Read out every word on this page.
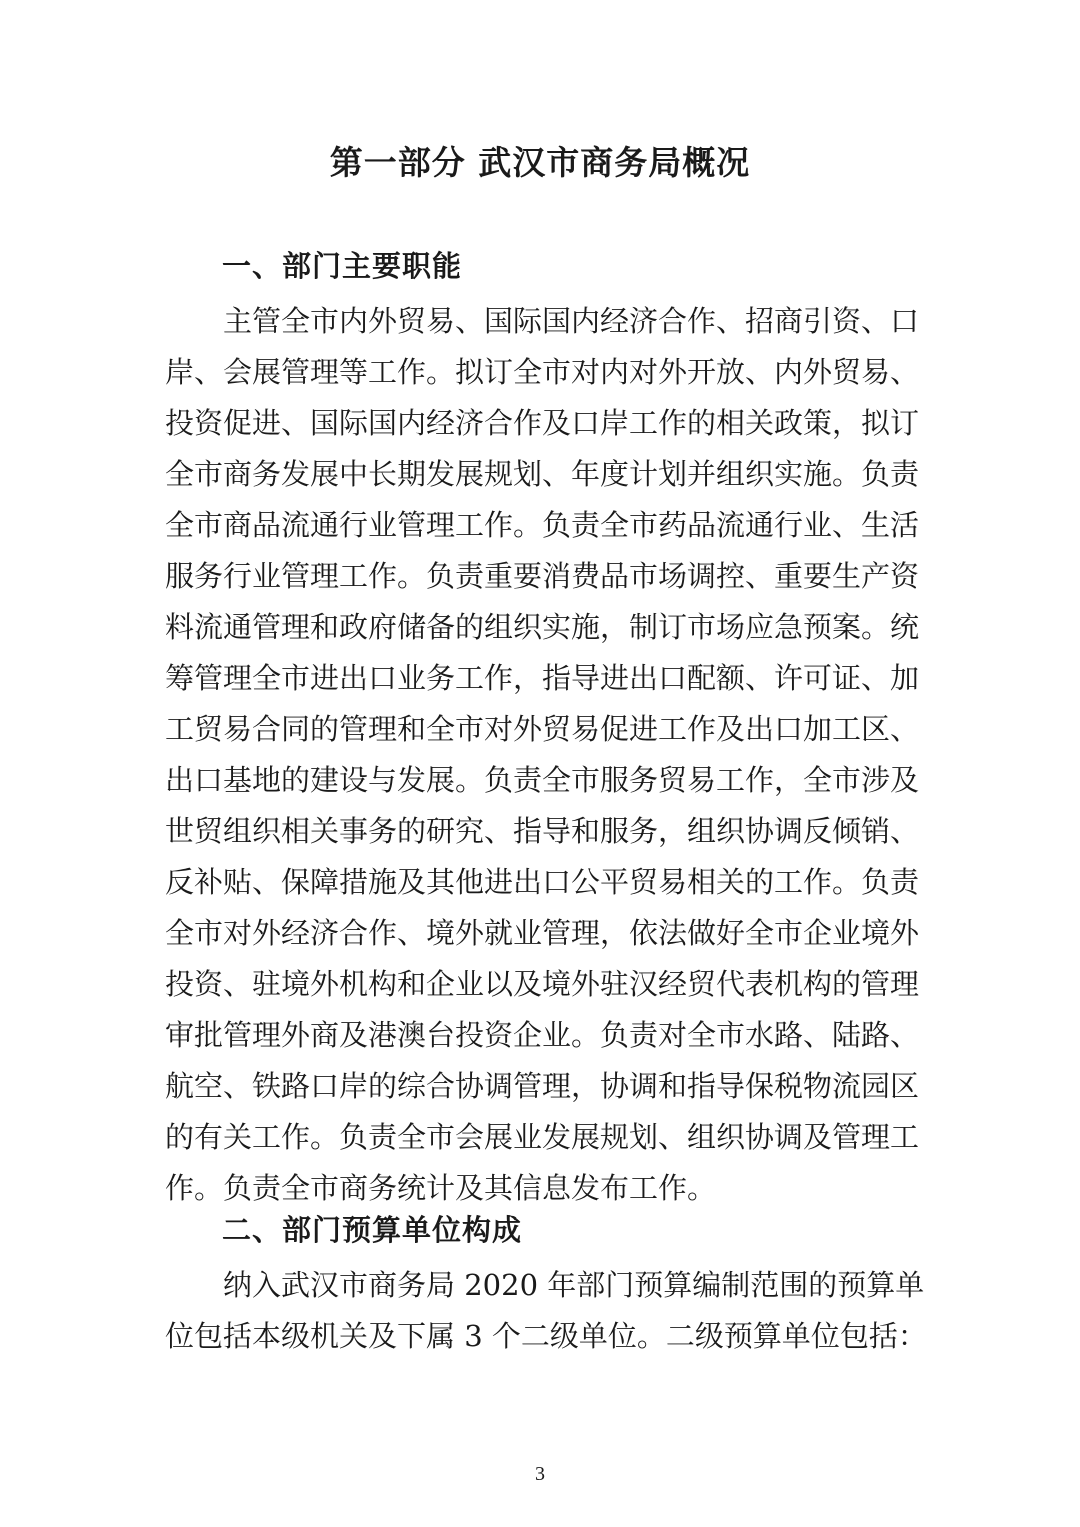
第一部分 武汉市商务局概况
一、部门主要职能
主管全市内外贸易、国际国内经济合作、招商引资、口
岸、会展管理等工作。拟订全市对内对外开放、内外贸易、
投资促进、国际国内经济合作及口岸工作的相关政策，拟订
全市商务发展中长期发展规划、年度计划并组织实施。负责
全市商品流通行业管理工作。负责全市药品流通行业、生活
服务行业管理工作。负责重要消费品市场调控、重要生产资
料流通管理和政府储备的组织实施，制订市场应急预案。统
筹管理全市进出口业务工作，指导进出口配额、许可证、加
工贸易合同的管理和全市对外贸易促进工作及出口加工区、
出口基地的建设与发展。负责全市服务贸易工作，全市涉及
世贸组织相关事务的研究、指导和服务，组织协调反倾销、
反补贴、保障措施及其他进出口公平贸易相关的工作。负责
全市对外经济合作、境外就业管理，依法做好全市企业境外
投资、驻境外机构和企业以及境外驻汉经贸代表机构的管理
审批管理外商及港澳台投资企业。负责对全市水路、陆路、
航空、铁路口岸的综合协调管理，协调和指导保税物流园区
的有关工作。负责全市会展业发展规划、组织协调及管理工
作。负责全市商务统计及其信息发布工作。
二、部门预算单位构成
纳入武汉市商务局 2020 年部门预算编制范围的预算单
位包括本级机关及下属 3 个二级单位。二级预算单位包括：
3
